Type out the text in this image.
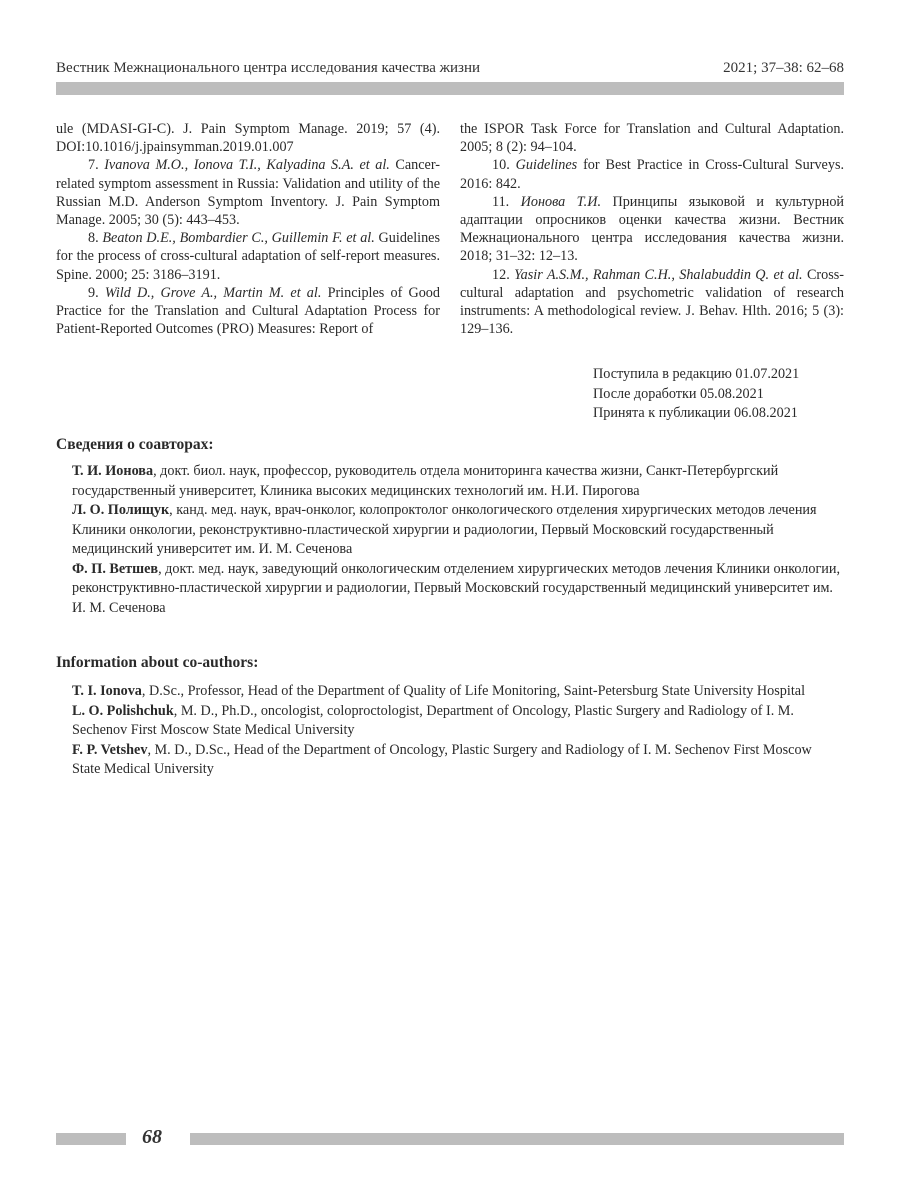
Вестник Межнационального центра исследования качества жизни	2021; 37–38: 62–68

ule (MDASI-GI-C). J. Pain Symptom Manage. 2019; 57 (4). DOI:10.1016/j.jpainsymman.2019.01.007

7. Ivanova M.O., Ionova T.I., Kalyadina S.A. et al. Cancer-related symptom assessment in Russia: Validation and utility of the Russian M.D. Anderson Symptom Inventory. J. Pain Symptom Manage. 2005; 30 (5): 443–453.

8. Beaton D.E., Bombardier C., Guillemin F. et al. Guidelines for the process of cross-cultural adaptation of self-report measures. Spine. 2000; 25: 3186–3191.

9. Wild D., Grove A., Martin M. et al. Principles of Good Practice for the Translation and Cultural Adaptation Process for Patient-Reported Outcomes (PRO) Measures: Report of

the ISPOR Task Force for Translation and Cultural Adaptation. 2005; 8 (2): 94–104.

10. Guidelines for Best Practice in Cross-Cultural Surveys. 2016: 842.

11. Ионова Т.И. Принципы языковой и культурной адаптации опросников оценки качества жизни. Вестник Межнационального центра исследования качества жизни. 2018; 31–32: 12–13.

12. Yasir A.S.M., Rahman C.H., Shalabuddin Q. et al. Cross-cultural adaptation and psychometric validation of research instruments: A methodological review. J. Behav. Hlth. 2016; 5 (3): 129–136.

Поступила в редакцию 01.07.2021
После доработки 05.08.2021
Принята к публикации 06.08.2021
Сведения о соавторах:

Т. И. Ионова, докт. биол. наук, профессор, руководитель отдела мониторинга качества жизни, Санкт-Петербургский государственный университет, Клиника высоких медицинских технологий им. Н.И. Пирогова

Л. О. Полищук, канд. мед. наук, врач-онколог, колопроктолог онкологического отделения хирургических методов лечения Клиники онкологии, реконструктивно-пластической хирургии и радиологии, Первый Московский государственный медицинский университет им. И. М. Сеченова

Ф. П. Ветшев, докт. мед. наук, заведующий онкологическим отделением хирургических методов лечения Клиники онкологии, реконструктивно-пластической хирургии и радиологии, Первый Московский государственный медицинский университет им. И. М. Сеченова

Information about co-authors:

T. I. Ionova, D.Sc., Professor, Head of the Department of Quality of Life Monitoring, Saint-Petersburg State University Hospital

L. O. Polishchuk, M. D., Ph.D., oncologist, coloproctologist, Department of Oncology, Plastic Surgery and Radiology of I. M. Sechenov First Moscow State Medical University

F. P. Vetshev, M. D., D.Sc., Head of the Department of Oncology, Plastic Surgery and Radiology of I. M. Sechenov First Moscow State Medical University

68
